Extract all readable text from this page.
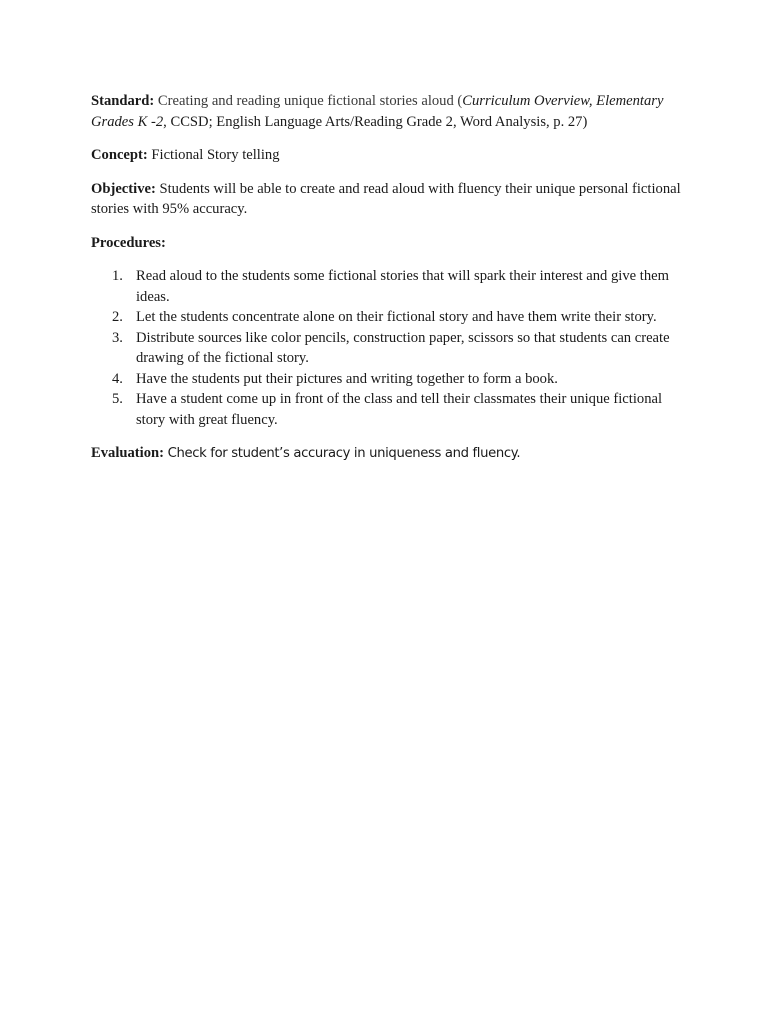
Standard: Creating and reading unique fictional stories aloud (Curriculum Overview, Elementary Grades K -2, CCSD; English Language Arts/Reading Grade 2, Word Analysis, p. 27)

Concept: Fictional Story telling

Objective: Students will be able to create and read aloud with fluency their unique personal fictional stories with 95% accuracy.

Procedures:

1. Read aloud to the students some fictional stories that will spark their interest and give them ideas.
2. Let the students concentrate alone on their fictional story and have them write their story.
3. Distribute sources like color pencils, construction paper, scissors so that students can create drawing of the fictional story.
4. Have the students put their pictures and writing together to form a book.
5. Have a student come up in front of the class and tell their classmates their unique fictional story with great fluency.

Evaluation: Check for student’s accuracy in uniqueness and fluency.
